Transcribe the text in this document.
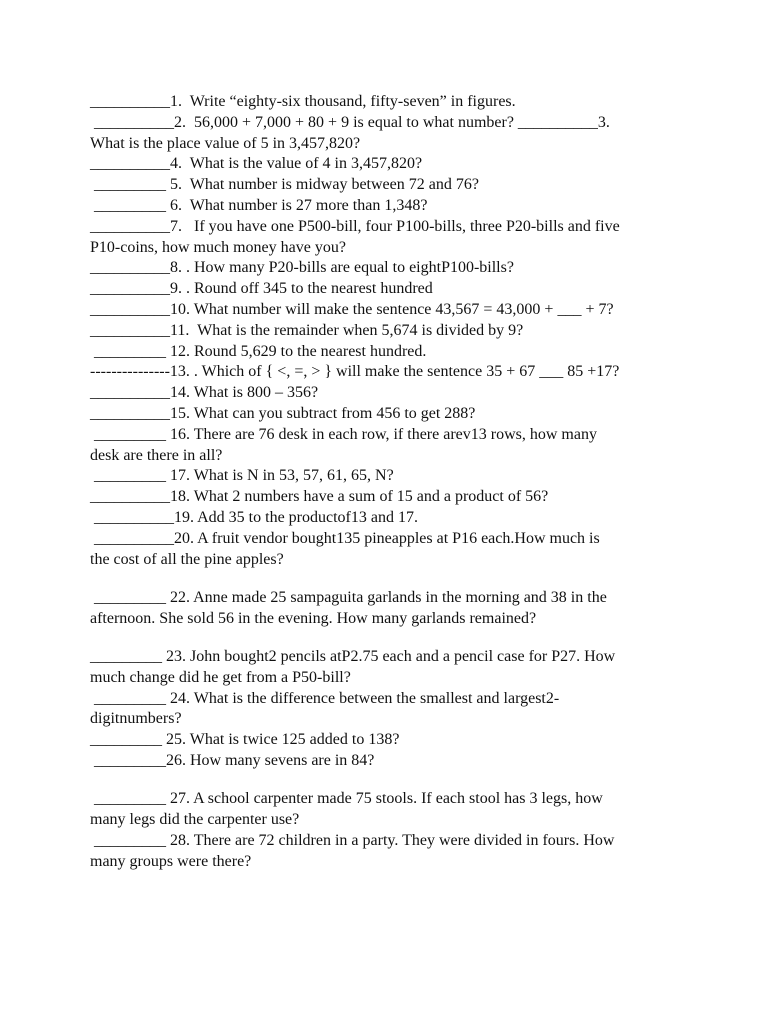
__________1.  Write “eighty-six thousand, fifty-seven” in figures.
__________2.  56,000 + 7,000 + 80 + 9 is equal to what number? __________3.
What is the place value of 5 in 3,457,820?
__________4.  What is the value of 4 in 3,457,820?
_________ 5.  What number is midway between 72 and 76?
_________ 6.  What number is 27 more than 1,348?
__________7.   If you have one P500-bill, four P100-bills, three P20-bills and five
P10-coins, how much money have you?
__________8. . How many P20-bills are equal to eightP100-bills?
__________9. . Round off 345 to the nearest hundred
__________10. What number will make the sentence 43,567 = 43,000 + ___ + 7?
__________11.  What is the remainder when 5,674 is divided by 9?
_________ 12. Round 5,629 to the nearest hundred.
---------------13. . Which of { <, =, > } will make the sentence 35 + 67 ___ 85 +17?
__________14. What is 800 – 356?
__________15. What can you subtract from 456 to get 288?
_________ 16. There are 76 desk in each row, if there arev13 rows, how many
desk are there in all?
_________ 17. What is N in 53, 57, 61, 65, N?
__________18. What 2 numbers have a sum of 15 and a product of 56?
__________19. Add 35 to the productof13 and 17.
__________20. A fruit vendor bought135 pineapples at P16 each.How much is
the cost of all the pine apples?
_________ 22. Anne made 25 sampaguita garlands in the morning and 38 in the
afternoon. She sold 56 in the evening. How many garlands remained?
_________ 23. John bought2 pencils atP2.75 each and a pencil case for P27. How
much change did he get from a P50-bill?
_________ 24. What is the difference between the smallest and largest2-
digitnumbers?
_________ 25. What is twice 125 added to 138?
_________26. How many sevens are in 84?
_________ 27. A school carpenter made 75 stools. If each stool has 3 legs, how
many legs did the carpenter use?
_________ 28. There are 72 children in a party. They were divided in fours. How
many groups were there?
